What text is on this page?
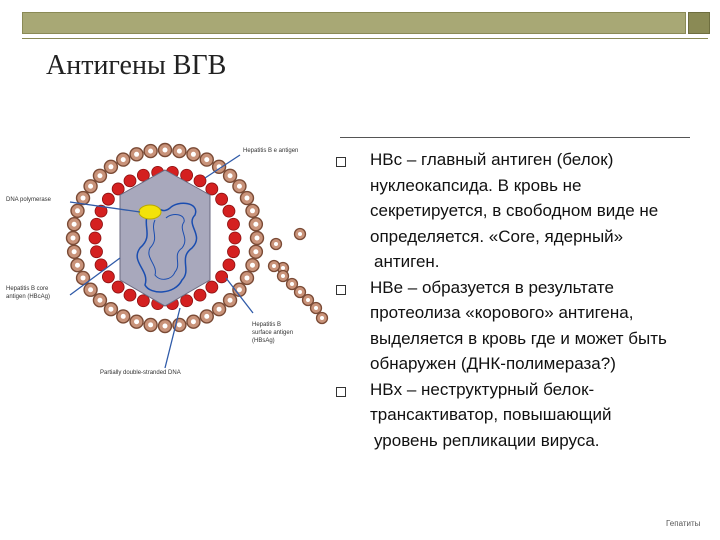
Антигены ВГВ
Hepatitis B e antigen
DNA polymerase
Hepatitis B core
antigen (HBcAg)
Hepatitis B
surface antigen
(HBsAg)
Partially double-stranded DNA
HBc – главный антиген (белок)
нуклеокапсида. В кровь не
секретируется, в свободном виде не
определяется. «Core, ядерный»
антиген.
HBe – образуется в результате
протеолиза «корового» антигена,
выделяется в кровь где и может быть
обнаружен (ДНК-полимераза?)
HBx – неструктурный белок-
трансактиватор, повышающий
уровень репликации вируса.
Гепатиты
